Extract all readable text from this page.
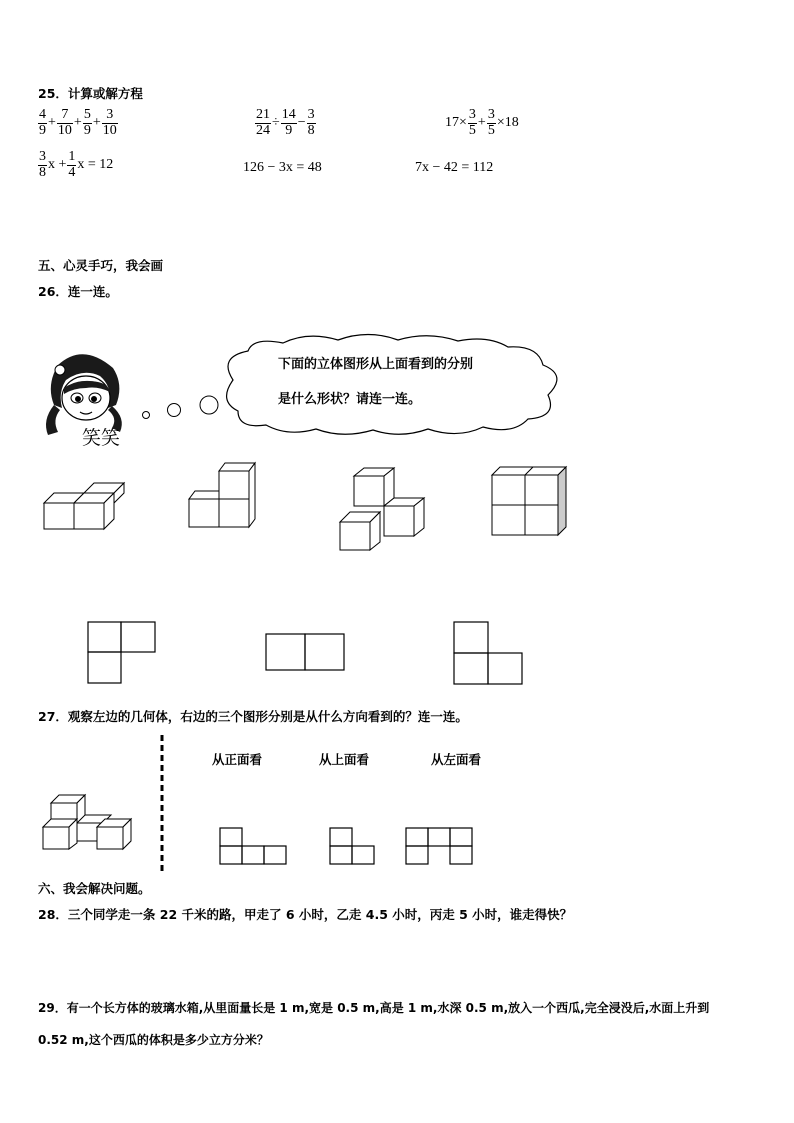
25．计算或解方程
$\frac{4}{9} + \frac{7}{10} + \frac{5}{9} + \frac{3}{10}$	$\frac{21}{24} \div \frac{14}{9} - \frac{3}{8}$	$17\times \frac{3}{5} + \frac{3}{5} \times 18$
$\frac{3}{8}$ $x + \frac{1}{4}$ x = 12	126 − 3x = 48	7x − 42 = 112
五、心灵手巧，我会画
26．连一连。
笑笑
下面的立体图形从上面看到的分别
是什么形状？请连一连。
27．观察左边的几何体，右边的三个图形分别是从什么方向看到的？连一连。
从正面看	从上面看	从左面看
六、我会解决问题。
28．三个同学走一条 22 千米的路，甲走了 6 小时，乙走 4.5 小时，丙走 5 小时，谁走得快？
29．有一个长方体的玻璃水箱,从里面量长是 1 m,宽是 0.5 m,高是 1 m,水深 0.5 m,放入一个西瓜,完全浸没后,水面上升到
0.52 m,这个西瓜的体积是多少立方分米？
